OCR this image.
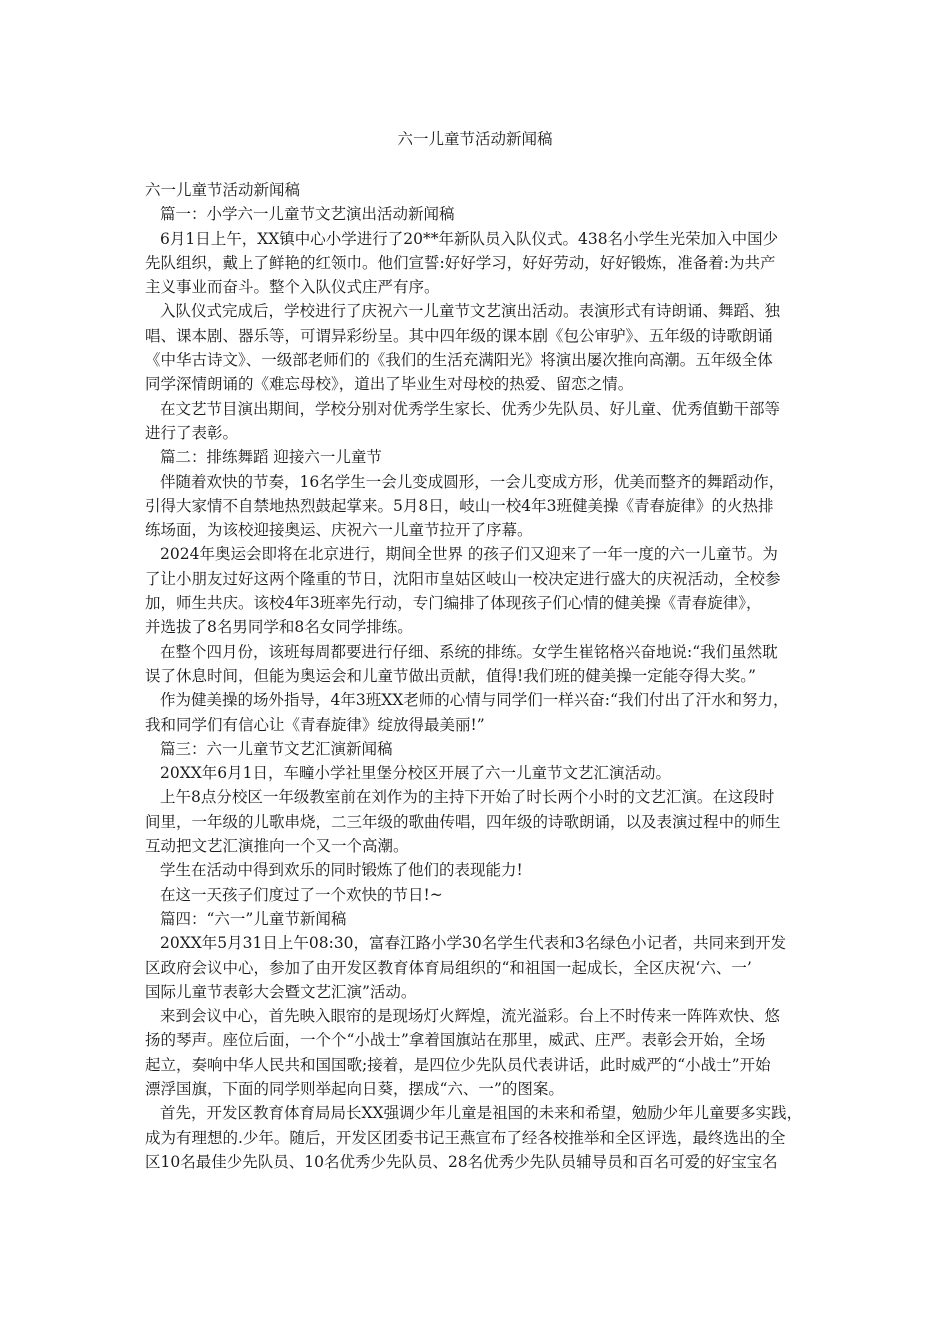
六一儿童节活动新闻稿
六一儿童节活动新闻稿
篇一：小学六一儿童节文艺演出活动新闻稿
6月1日上午，XX镇中心小学进行了20**年新队员入队仪式。438名小学生光荣加入中国少
先队组织，戴上了鲜艳的红领巾。他们宣誓:好好学习，好好劳动，好好锻炼，准备着:为共产
主义事业而奋斗。整个入队仪式庄严有序。
入队仪式完成后，学校进行了庆祝六一儿童节文艺演出活动。表演形式有诗朗诵、舞蹈、独
唱、课本剧、器乐等，可谓异彩纷呈。其中四年级的课本剧《包公审驴》、五年级的诗歌朗诵
《中华古诗文》、一级部老师们的《我们的生活充满阳光》将演出屡次推向高潮。五年级全体
同学深情朗诵的《难忘母校》，道出了毕业生对母校的热爱、留恋之情。
在文艺节目演出期间，学校分别对优秀学生家长、优秀少先队员、好儿童、优秀值勤干部等
进行了表彰。
篇二：排练舞蹈 迎接六一儿童节
伴随着欢快的节奏，16名学生一会儿变成圆形，一会儿变成方形，优美而整齐的舞蹈动作，
引得大家情不自禁地热烈鼓起掌来。5月8日，岐山一校4年3班健美操《青春旋律》的火热排
练场面，为该校迎接奥运、庆祝六一儿童节拉开了序幕。
2024年奥运会即将在北京进行，期间全世界 的孩子们又迎来了一年一度的六一儿童节。为
了让小朋友过好这两个隆重的节日，沈阳市皇姑区岐山一校决定进行盛大的庆祝活动，全校参
加，师生共庆。该校4年3班率先行动，专门编排了体现孩子们心情的健美操《青春旋律》，
并选拔了8名男同学和8名女同学排练。
在整个四月份，该班每周都要进行仔细、系统的排练。女学生崔铭格兴奋地说:“我们虽然耽
误了休息时间，但能为奥运会和儿童节做出贡献，值得!我们班的健美操一定能夺得大奖。”
作为健美操的场外指导，4年3班XX老师的心情与同学们一样兴奋:“我们付出了汗水和努力，
我和同学们有信心让《青春旋律》绽放得最美丽!”
篇三：六一儿童节文艺汇演新闻稿
20XX年6月1日，车疃小学社里堡分校区开展了六一儿童节文艺汇演活动。
上午8点分校区一年级教室前在刘作为的主持下开始了时长两个小时的文艺汇演。在这段时
间里，一年级的儿歌串烧，二三年级的歌曲传唱，四年级的诗歌朗诵，以及表演过程中的师生
互动把文艺汇演推向一个又一个高潮。
学生在活动中得到欢乐的同时锻炼了他们的表现能力!
在这一天孩子们度过了一个欢快的节日!~
篇四：“六一”儿童节新闻稿
20XX年5月31日上午08:30，富春江路小学30名学生代表和3名绿色小记者，共同来到开发
区政府会议中心，参加了由开发区教育体育局组织的“和祖国一起成长，全区庆祝‘六、一’
国际儿童节表彰大会暨文艺汇演”活动。
来到会议中心，首先映入眼帘的是现场灯火辉煌，流光溢彩。台上不时传来一阵阵欢快、悠
扬的琴声。座位后面，一个个“小战士”拿着国旗站在那里，威武、庄严。表彰会开始，全场
起立，奏响中华人民共和国国歌;接着，是四位少先队员代表讲话，此时威严的“小战士”开始
漂浮国旗，下面的同学则举起向日葵，摆成“六、一”的图案。
首先，开发区教育体育局局长XX强调少年儿童是祖国的未来和希望，勉励少年儿童要多实践，
成为有理想的.少年。随后，开发区团委书记王燕宣布了经各校推举和全区评选，最终选出的全
区10名最佳少先队员、10名优秀少先队员、28名优秀少先队员辅导员和百名可爱的好宝宝名
